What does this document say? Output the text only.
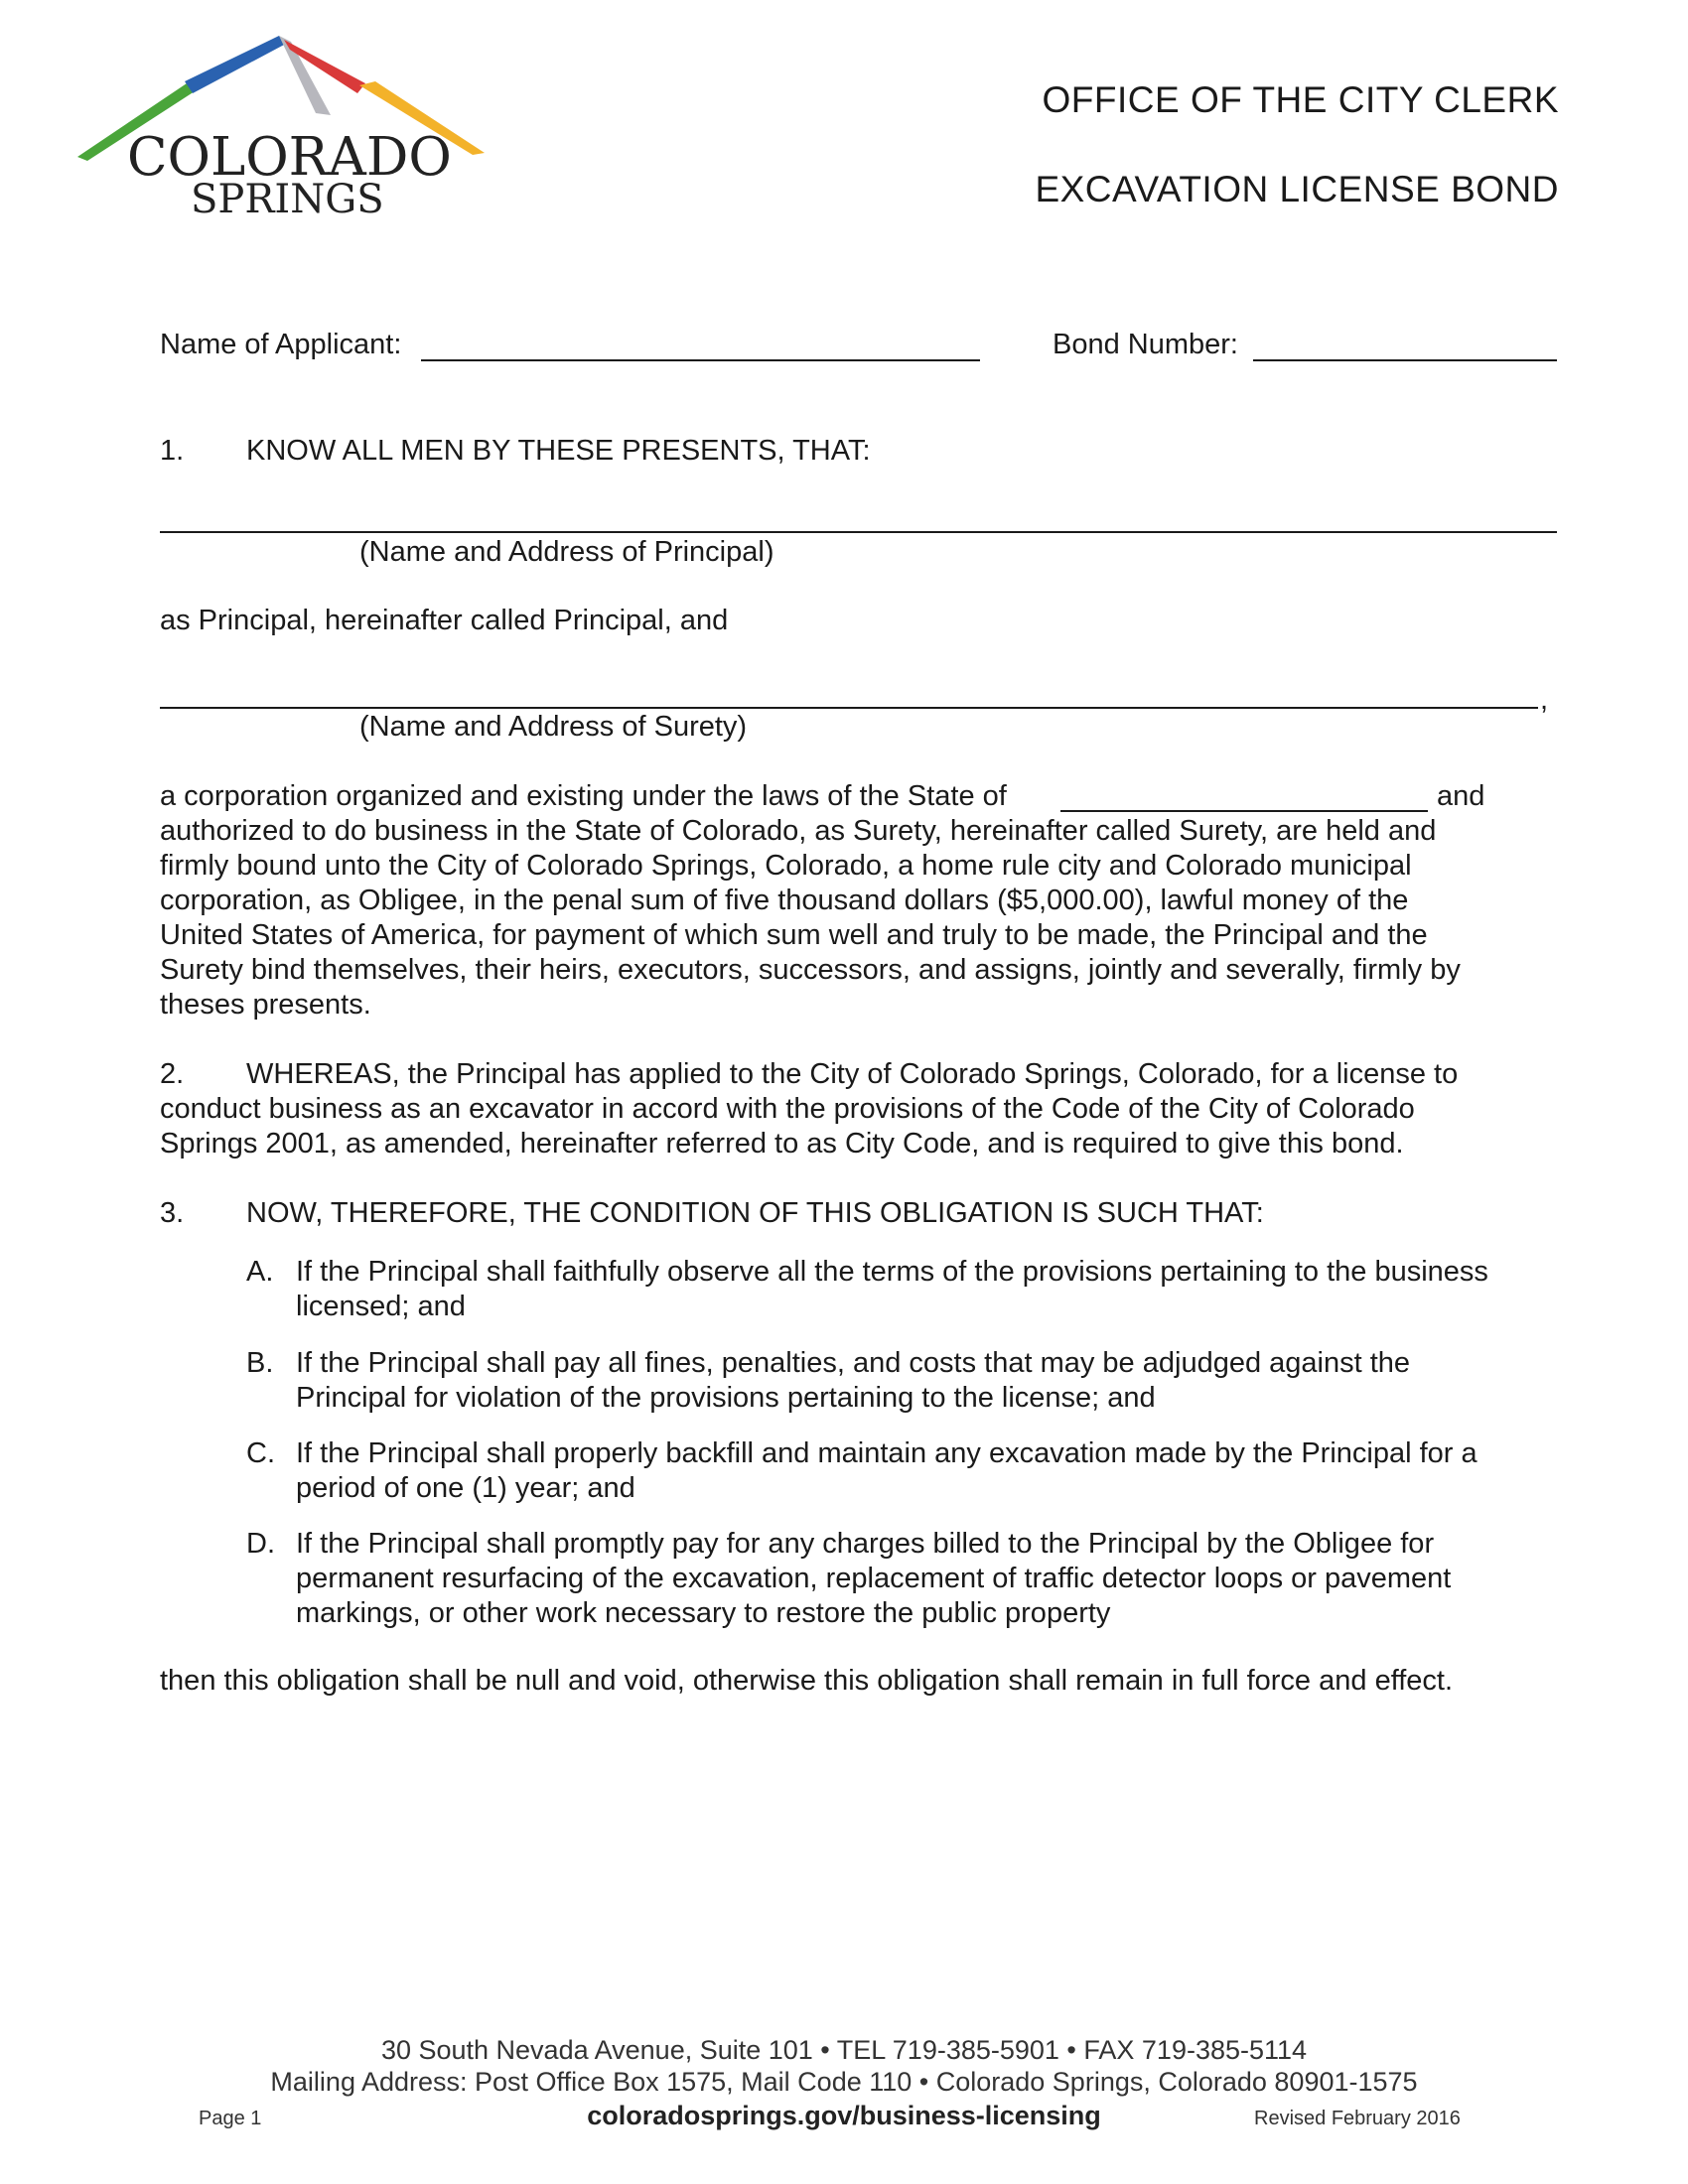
COLORADO
SPRINGS
OFFICE OF THE CITY CLERK
EXCAVATION LICENSE BOND
Name of Applicant:	Bond Number:
1. KNOW ALL MEN BY THESE PRESENTS, THAT:
(Name and Address of Principal)
as Principal, hereinafter called Principal, and
,
(Name and Address of Surety)
a corporation organized and existing under the laws of the State of	and
authorized to do business in the State of Colorado, as Surety, hereinafter called Surety, are held and
firmly bound unto the City of Colorado Springs, Colorado, a home rule city and Colorado municipal
corporation, as Obligee, in the penal sum of five thousand dollars ($5,000.00), lawful money of the
United States of America, for payment of which sum well and truly to be made, the Principal and the
Surety bind themselves, their heirs, executors, successors, and assigns, jointly and severally, firmly by
theses presents.
2. WHEREAS, the Principal has applied to the City of Colorado Springs, Colorado, for a license to
conduct business as an excavator in accord with the provisions of the Code of the City of Colorado
Springs 2001, as amended, hereinafter referred to as City Code, and is required to give this bond.
3. NOW, THEREFORE, THE CONDITION OF THIS OBLIGATION IS SUCH THAT:
A. If the Principal shall faithfully observe all the terms of the provisions pertaining to the business
licensed; and
B. If the Principal shall pay all fines, penalties, and costs that may be adjudged against the
Principal for violation of the provisions pertaining to the license; and
C. If the Principal shall properly backfill and maintain any excavation made by the Principal for a
period of one (1) year; and
D. If the Principal shall promptly pay for any charges billed to the Principal by the Obligee for
permanent resurfacing of the excavation, replacement of traffic detector loops or pavement
markings, or other work necessary to restore the public property
then this obligation shall be null and void, otherwise this obligation shall remain in full force and effect.
30 South Nevada Avenue, Suite 101 • TEL 719-385-5901 • FAX 719-385-5114
Mailing Address: Post Office Box 1575, Mail Code 110 • Colorado Springs, Colorado 80901-1575
Page 1	coloradosprings.gov/business-licensing	Revised February 2016
